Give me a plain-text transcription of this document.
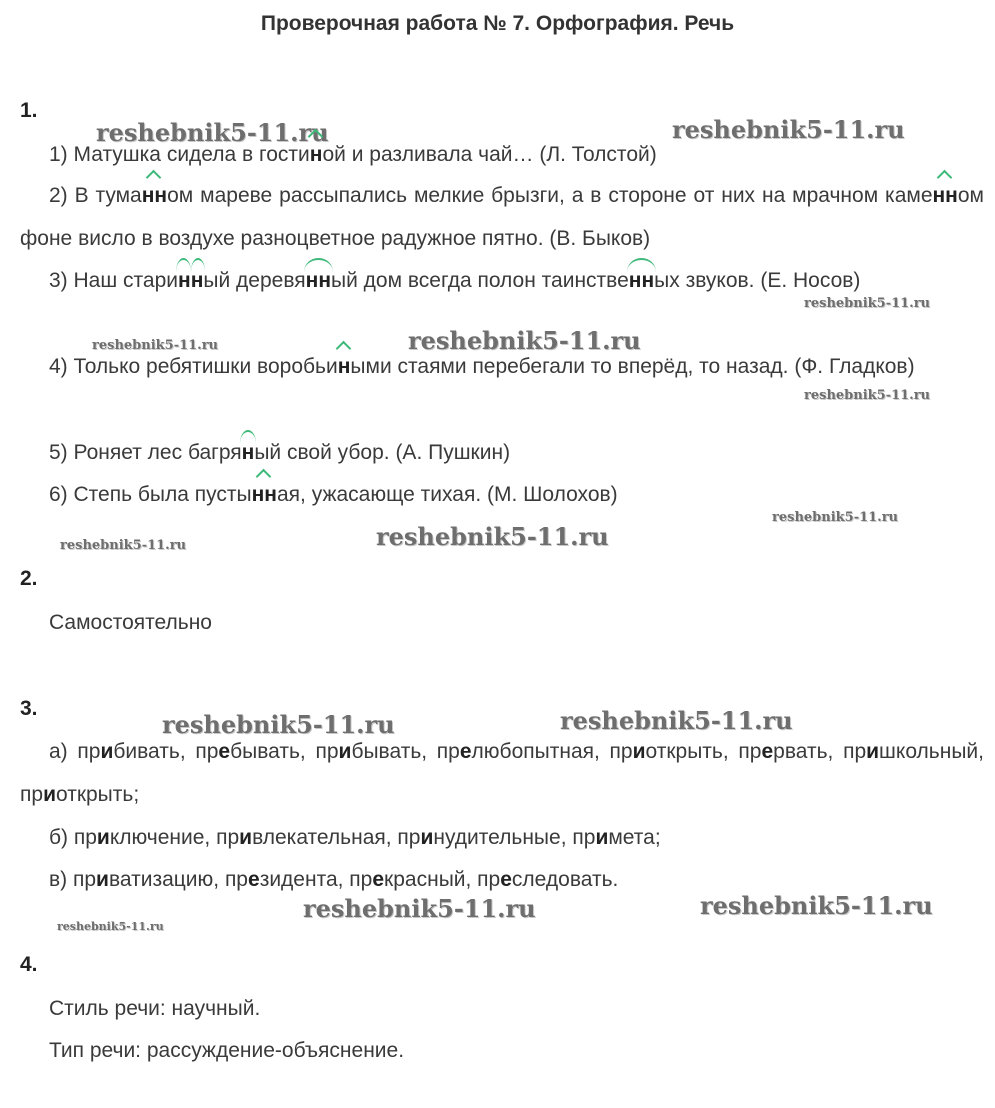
Проверочная работа № 7. Орфография. Речь
reshebnik5-11.ru	reshebnik5-11.ru
reshebnik5-11.ru
reshebnik5-11.ru	reshebnik5-11.ru
reshebnik5-11.ru
reshebnik5-11.ru
reshebnik5-11.ru
reshebnik5-11.ru
reshebnik5-11.ru	reshebnik5-11.ru
reshebnik5-11.ru	reshebnik5-11.ru
reshebnik5-11.ru
1.
1) Матушка сидела в гостиной и разливала чай… (Л. Толстой)

2) В туманном мареве рассыпались мелкие брызги, а в стороне от них на мрачном каменном фоне висло в воздухе разноцветное радужное пятно. (В. Быков)

3) Наш старинный деревянный дом всегда полон таинственных звуков. (Е. Носов)

4) Только ребятишки воробьиными стаями перебегали то вперёд, то назад. (Ф. Гладков)

5) Роняет лес багряный свой убор. (А. Пушкин)
6) Степь была пустынная, ужасающе тихая. (М. Шолохов)
2.
Самостоятельно
3.

а) прибивать, пребывать, прибывать, прелюбопытная, приоткрыть, прервать, пришкольный, приоткрыть;

б) приключение, привлекательная, принудительные, примета;
в) приватизацию, президента, прекрасный, преследовать.
4.
Стиль речи: научный.
Тип речи: рассуждение-объяснение.
